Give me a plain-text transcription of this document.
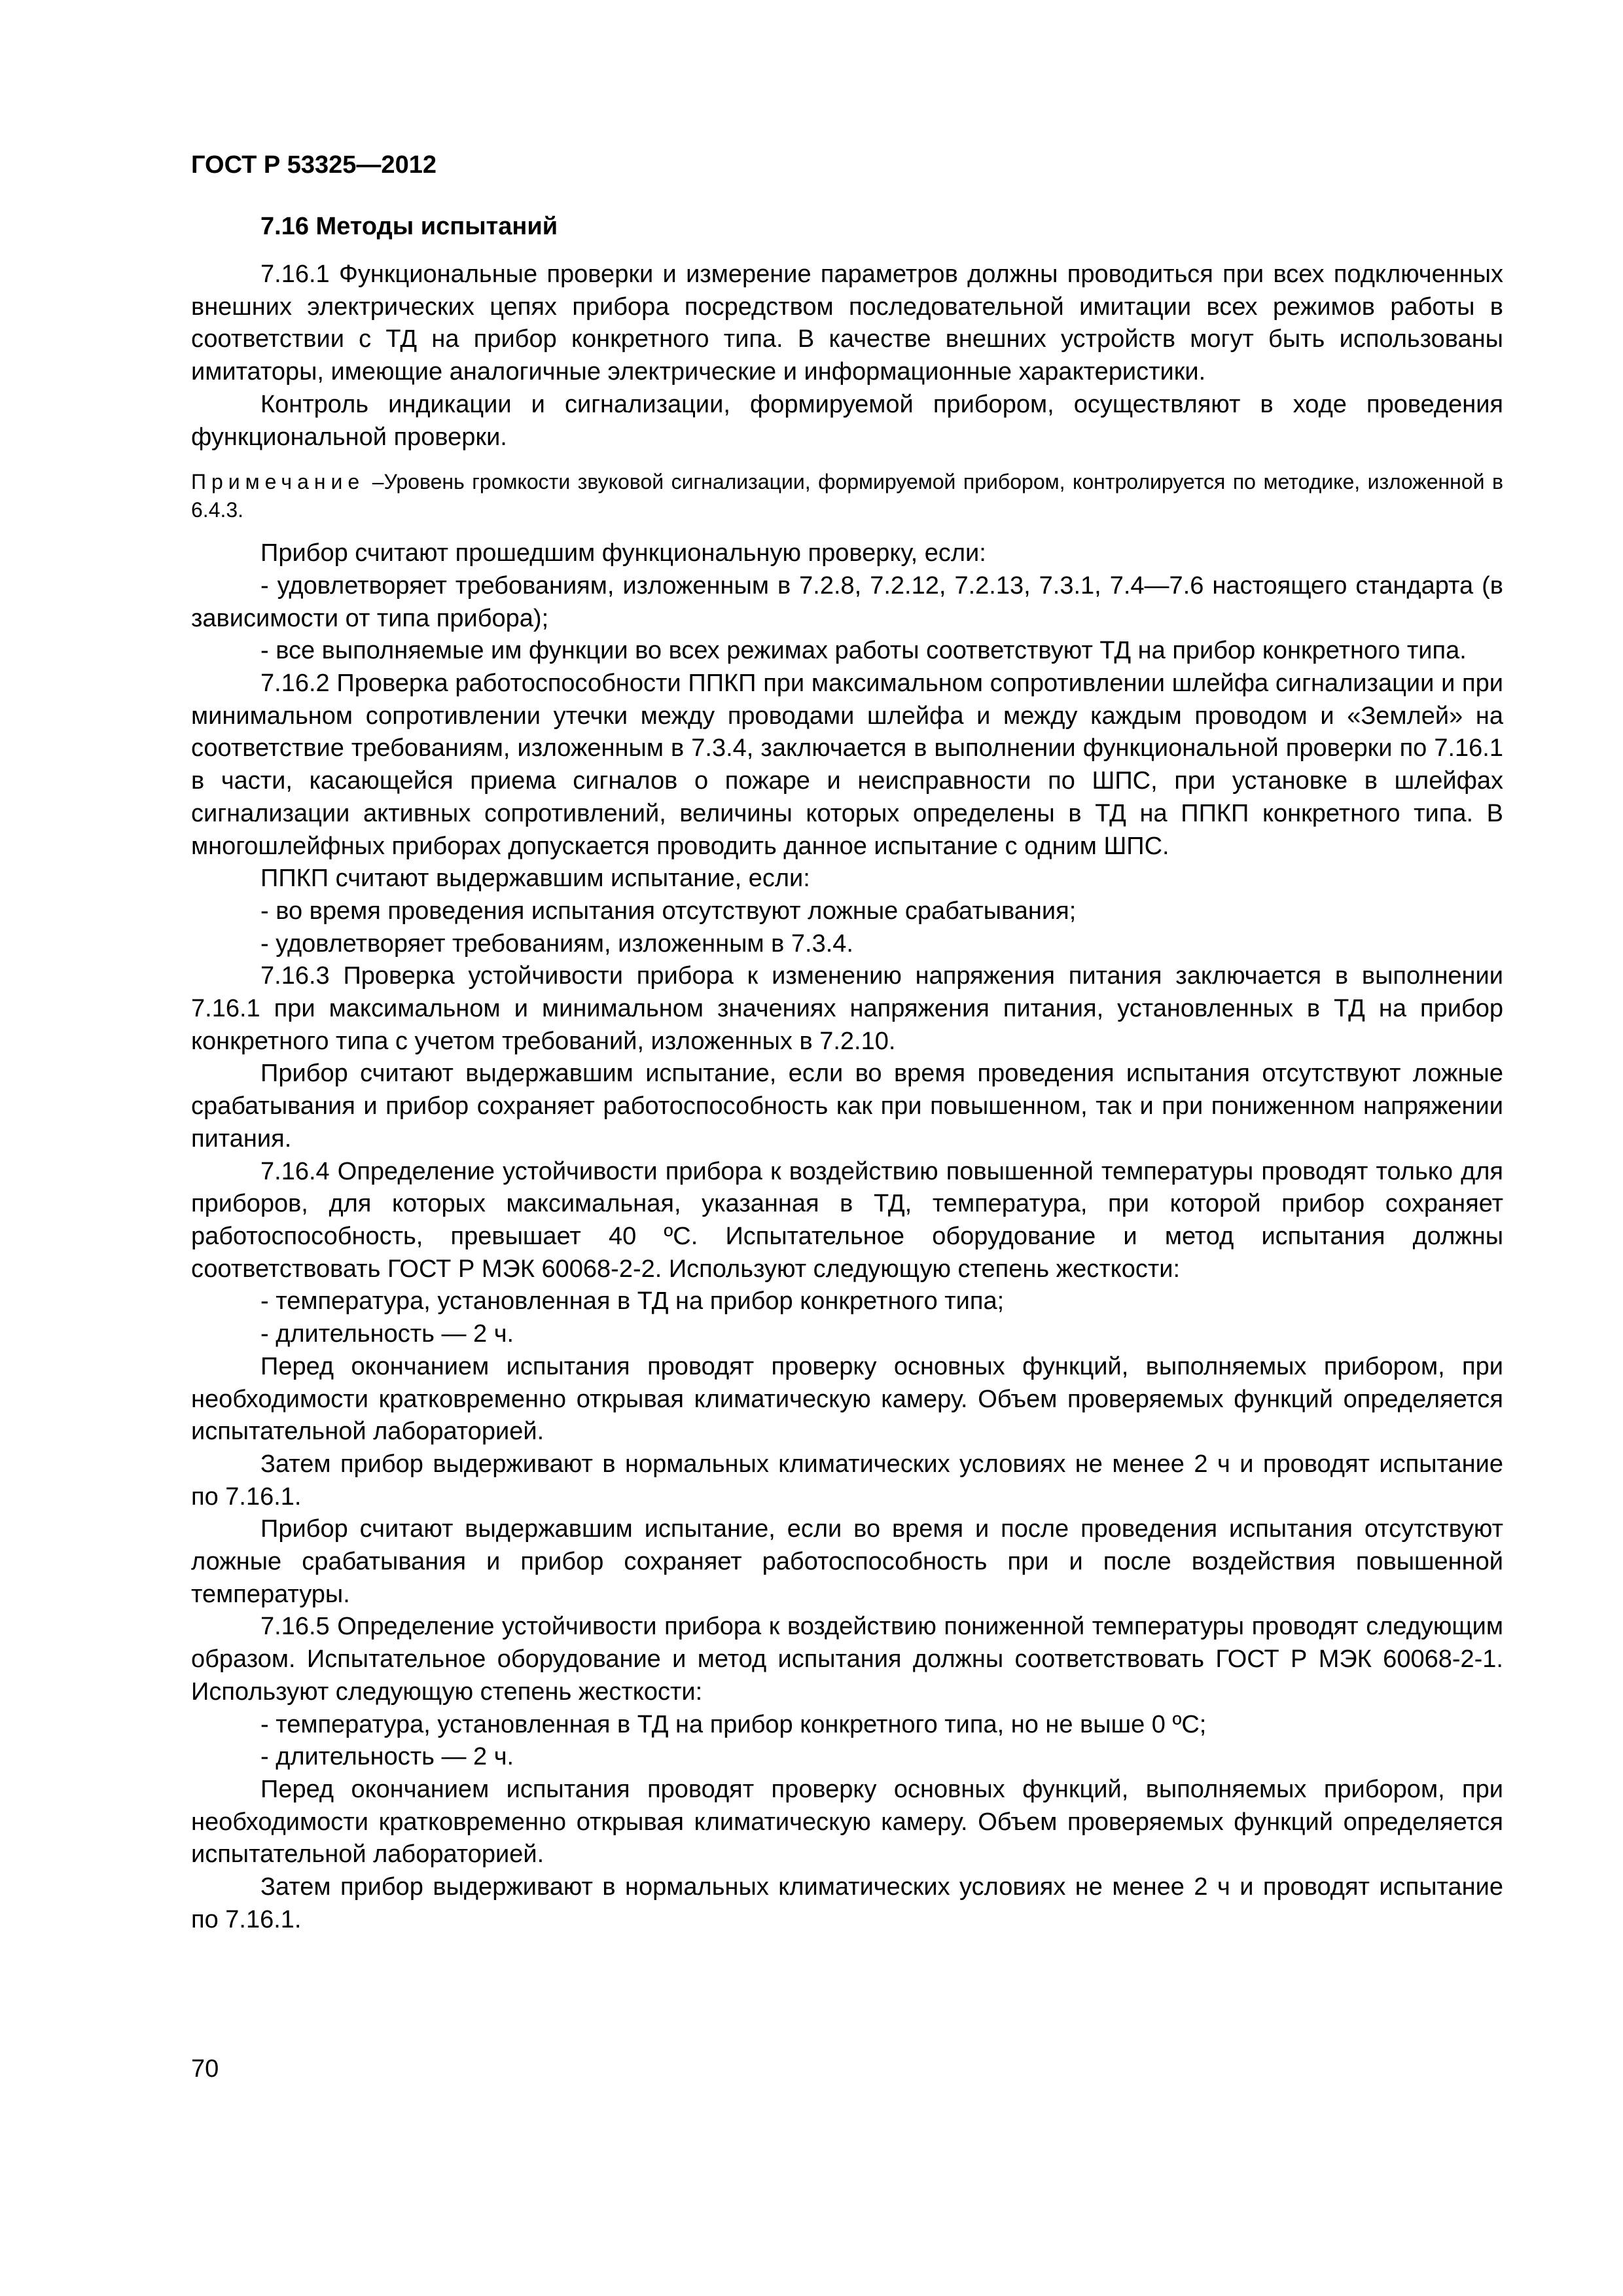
ГОСТ Р 53325—2012
7.16 Методы испытаний

7.16.1 Функциональные проверки и измерение параметров должны проводиться при всех подключенных внешних электрических цепях прибора посредством последовательной имитации всех режимов работы в соответствии с ТД на прибор конкретного типа. В качестве внешних устройств могут быть использованы имитаторы, имеющие аналогичные электрические и информационные характеристики.

Контроль индикации и сигнализации, формируемой прибором, осуществляют в ходе проведения функциональной проверки.

Примечание –Уровень громкости звуковой сигнализации, формируемой прибором, контролируется по методике, изложенной в 6.4.3.

Прибор считают прошедшим функциональную проверку, если:

- удовлетворяет требованиям, изложенным в 7.2.8, 7.2.12, 7.2.13, 7.3.1, 7.4—7.6 настоящего стандарта (в зависимости от типа прибора);

- все выполняемые им функции во всех режимах работы соответствуют ТД на прибор конкретного типа.

7.16.2 Проверка работоспособности ППКП при максимальном сопротивлении шлейфа сигнализации и при минимальном сопротивлении утечки между проводами шлейфа и между каждым проводом и «Землей» на соответствие требованиям, изложенным в 7.3.4, заключается в выполнении функциональной проверки по 7.16.1 в части, касающейся приема сигналов о пожаре и неисправности по ШПС, при установке в шлейфах сигнализации активных сопротивлений, величины которых определены в ТД на ППКП конкретного типа. В многошлейфных приборах допускается проводить данное испытание с одним ШПС.

ППКП считают выдержавшим испытание, если:

- во время проведения испытания отсутствуют ложные срабатывания;

- удовлетворяет требованиям, изложенным в 7.3.4.

7.16.3 Проверка устойчивости прибора к изменению напряжения питания заключается в выполнении 7.16.1 при максимальном и минимальном значениях напряжения питания, установленных в ТД на прибор конкретного типа с учетом требований, изложенных в 7.2.10.

Прибор считают выдержавшим испытание, если во время проведения испытания отсутствуют ложные срабатывания и прибор сохраняет работоспособность как при повышенном, так и при пониженном напряжении питания.

7.16.4 Определение устойчивости прибора к воздействию повышенной температуры проводят только для приборов, для которых максимальная, указанная в ТД, температура, при которой прибор сохраняет работоспособность, превышает 40 ºС. Испытательное оборудование и метод испытания должны соответствовать ГОСТ Р МЭК 60068-2-2. Используют следующую степень жесткости:

- температура, установленная в ТД на прибор конкретного типа;

- длительность — 2 ч.

Перед окончанием испытания проводят проверку основных функций, выполняемых прибором, при необходимости кратковременно открывая климатическую камеру. Объем проверяемых функций определяется испытательной лабораторией.

Затем прибор выдерживают в нормальных климатических условиях не менее 2 ч и проводят испытание по 7.16.1.

Прибор считают выдержавшим испытание, если во время и после проведения испытания отсутствуют ложные срабатывания и прибор сохраняет работоспособность при и после воздействия повышенной температуры.

7.16.5 Определение устойчивости прибора к воздействию пониженной температуры проводят следующим образом. Испытательное оборудование и метод испытания должны соответствовать ГОСТ Р МЭК 60068-2-1. Используют следующую степень жесткости:

- температура, установленная в ТД на прибор конкретного типа, но не выше 0 ºС;

- длительность — 2 ч.

Перед окончанием испытания проводят проверку основных функций, выполняемых прибором, при необходимости кратковременно открывая климатическую камеру. Объем проверяемых функций определяется испытательной лабораторией.

Затем прибор выдерживают в нормальных климатических условиях не менее 2 ч и проводят испытание по 7.16.1.

70
